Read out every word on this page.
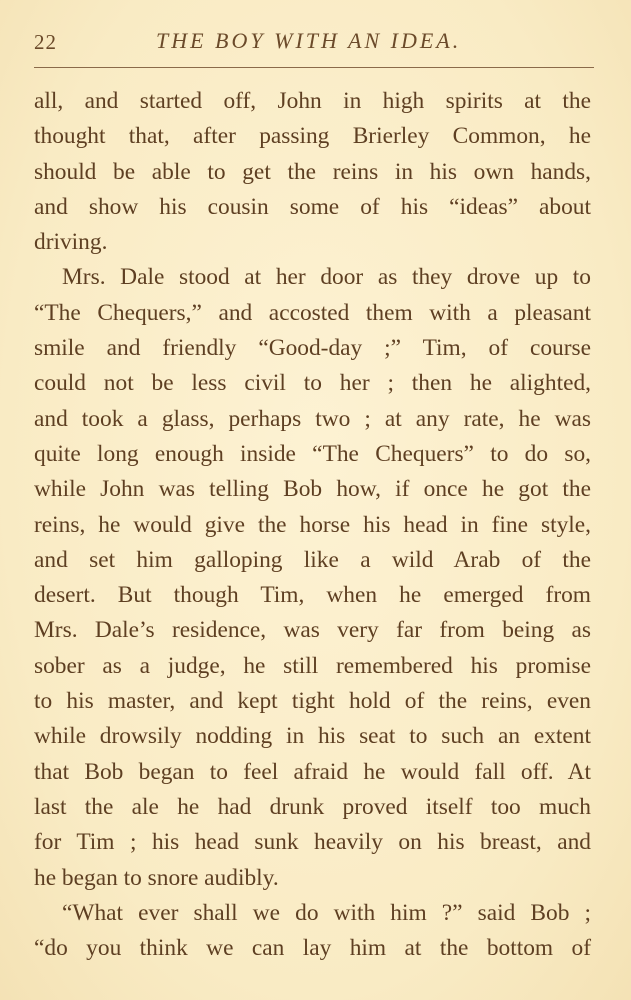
22	THE BOY WITH AN IDEA.
all, and started off, John in high spirits at the
thought that, after passing Brierley Common, he
should be able to get the reins in his own hands,
and show his cousin some of his “ideas” about
driving.
Mrs. Dale stood at her door as they drove up to
“The Chequers,” and accosted them with a pleasant
smile and friendly “Good-day ;” Tim, of course
could not be less civil to her ; then he alighted,
and took a glass, perhaps two ; at any rate, he was
quite long enough inside “The Chequers” to do so,
while John was telling Bob how, if once he got the
reins, he would give the horse his head in fine style,
and set him galloping like a wild Arab of the
desert. But though Tim, when he emerged from
Mrs. Dale’s residence, was very far from being as
sober as a judge, he still remembered his promise
to his master, and kept tight hold of the reins, even
while drowsily nodding in his seat to such an extent
that Bob began to feel afraid he would fall off. At
last the ale he had drunk proved itself too much
for Tim ; his head sunk heavily on his breast, and
he began to snore audibly.
“What ever shall we do with him ?” said Bob ;
“do you think we can lay him at the bottom of
